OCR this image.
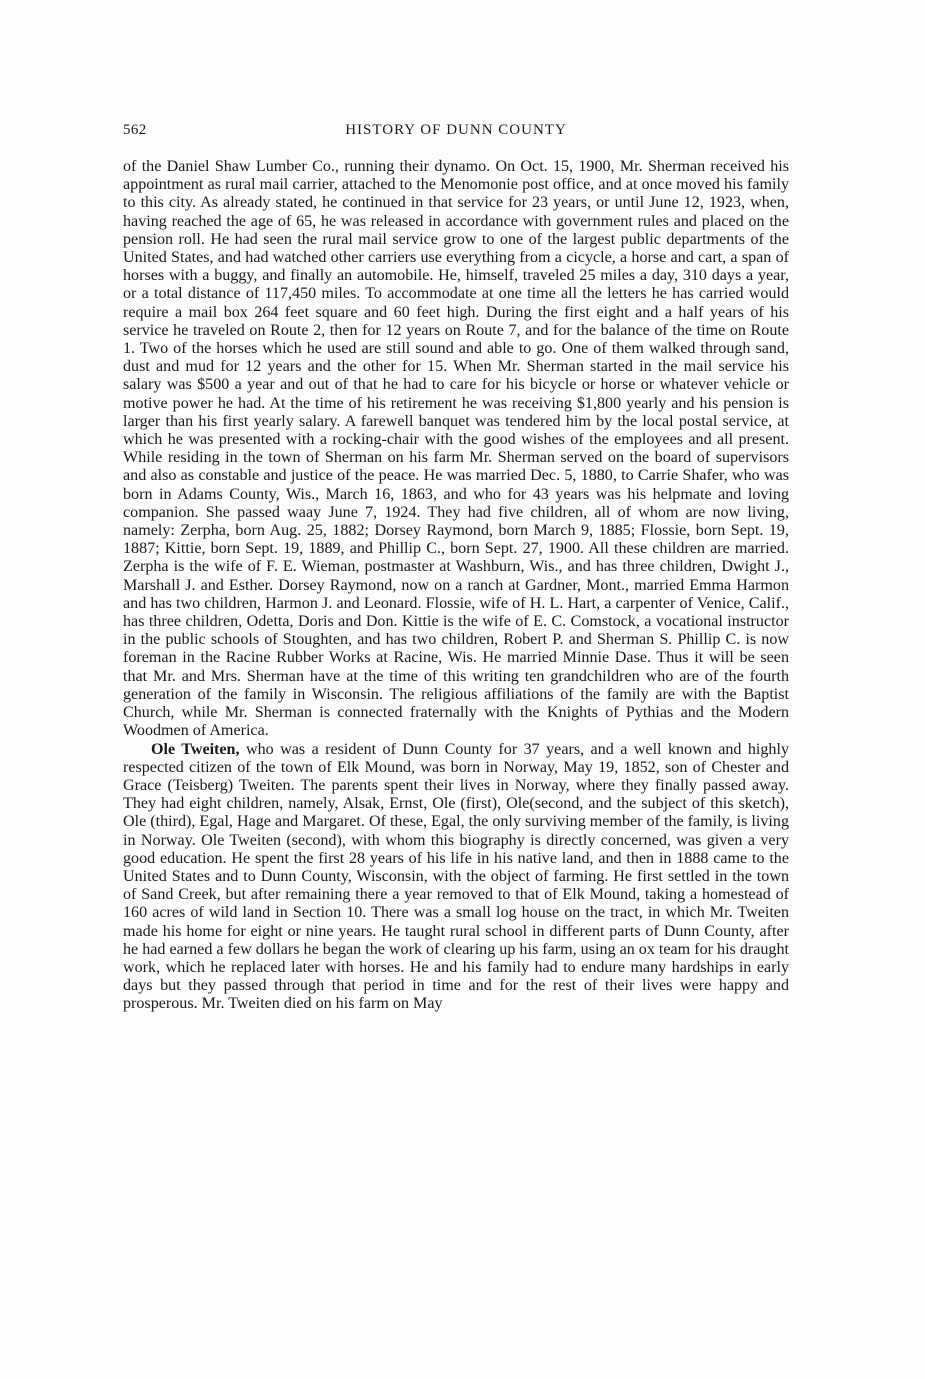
562	HISTORY OF DUNN COUNTY

of the Daniel Shaw Lumber Co., running their dynamo. On Oct. 15, 1900, Mr. Sherman received his appointment as rural mail carrier, attached to the Menomonie post office, and at once moved his family to this city. As already stated, he continued in that service for 23 years, or until June 12, 1923, when, having reached the age of 65, he was released in accordance with government rules and placed on the pension roll. He had seen the rural mail service grow to one of the largest public departments of the United States, and had watched other carriers use everything from a cicycle, a horse and cart, a span of horses with a buggy, and finally an automobile. He, himself, traveled 25 miles a day, 310 days a year, or a total distance of 117,450 miles. To accommodate at one time all the letters he has carried would require a mail box 264 feet square and 60 feet high. During the first eight and a half years of his service he traveled on Route 2, then for 12 years on Route 7, and for the balance of the time on Route 1. Two of the horses which he used are still sound and able to go. One of them walked through sand, dust and mud for 12 years and the other for 15. When Mr. Sherman started in the mail service his salary was $500 a year and out of that he had to care for his bicycle or horse or whatever vehicle or motive power he had. At the time of his retirement he was receiving $1,800 yearly and his pension is larger than his first yearly salary. A farewell banquet was tendered him by the local postal service, at which he was presented with a rocking-chair with the good wishes of the employees and all present. While residing in the town of Sherman on his farm Mr. Sherman served on the board of supervisors and also as constable and justice of the peace. He was married Dec. 5, 1880, to Carrie Shafer, who was born in Adams County, Wis., March 16, 1863, and who for 43 years was his helpmate and loving companion. She passed waay June 7, 1924. They had five children, all of whom are now living, namely: Zerpha, born Aug. 25, 1882; Dorsey Raymond, born March 9, 1885; Flossie, born Sept. 19, 1887; Kittie, born Sept. 19, 1889, and Phillip C., born Sept. 27, 1900. All these children are married. Zerpha is the wife of F. E. Wieman, postmaster at Washburn, Wis., and has three children, Dwight J., Marshall J. and Esther. Dorsey Raymond, now on a ranch at Gardner, Mont., married Emma Harmon and has two children, Harmon J. and Leonard. Flossie, wife of H. L. Hart, a carpenter of Venice, Calif., has three children, Odetta, Doris and Don. Kittie is the wife of E. C. Comstock, a vocational instructor in the public schools of Stoughten, and has two children, Robert P. and Sherman S. Phillip C. is now foreman in the Racine Rubber Works at Racine, Wis. He married Minnie Dase. Thus it will be seen that Mr. and Mrs. Sherman have at the time of this writing ten grandchildren who are of the fourth generation of the family in Wisconsin. The religious affiliations of the family are with the Baptist Church, while Mr. Sherman is connected fraternally with the Knights of Pythias and the Modern Woodmen of America.

Ole Tweiten, who was a resident of Dunn County for 37 years, and a well known and highly respected citizen of the town of Elk Mound, was born in Norway, May 19, 1852, son of Chester and Grace (Teisberg) Tweiten. The parents spent their lives in Norway, where they finally passed away. They had eight children, namely, Alsak, Ernst, Ole (first), Ole(second, and the subject of this sketch), Ole (third), Egal, Hage and Margaret. Of these, Egal, the only surviving member of the family, is living in Norway. Ole Tweiten (second), with whom this biography is directly concerned, was given a very good education. He spent the first 28 years of his life in his native land, and then in 1888 came to the United States and to Dunn County, Wisconsin, with the object of farming. He first settled in the town of Sand Creek, but after remaining there a year removed to that of Elk Mound, taking a homestead of 160 acres of wild land in Section 10. There was a small log house on the tract, in which Mr. Tweiten made his home for eight or nine years. He taught rural school in different parts of Dunn County, after he had earned a few dollars he began the work of clearing up his farm, using an ox team for his draught work, which he replaced later with horses. He and his family had to endure many hardships in early days but they passed through that period in time and for the rest of their lives were happy and prosperous. Mr. Tweiten died on his farm on May
